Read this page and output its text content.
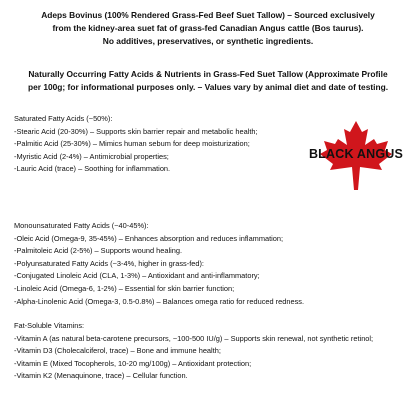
Adeps Bovinus (100% Rendered Grass-Fed Beef Suet Tallow) – Sourced exclusively
from the kidney-area suet fat of grass-fed Canadian Angus cattle (Bos taurus).
No additives, preservatives, or synthetic ingredients.
Naturally Occurring Fatty Acids & Nutrients in Grass-Fed Suet Tallow (Approximate Profile
per 100g; for informational purposes only. – Values vary by animal diet and date of testing.
BLACK ANGUS
Saturated Fatty Acids (~50%):
-Stearic Acid (20-30%) – Supports skin barrier repair and metabolic health;
-Palmitic Acid (25-30%) – Mimics human sebum for deep moisturization;
-Myristic Acid (2-4%) – Antimicrobial properties;
-Lauric Acid (trace) – Soothing for inflammation.
Monounsaturated Fatty Acids (~40-45%):
-Oleic Acid (Omega-9, 35-45%) – Enhances absorption and reduces inflammation;
-Palmitoleic Acid (2-5%) – Supports wound healing.
-Polyunsaturated Fatty Acids (~3-4%, higher in grass-fed):
-Conjugated Linoleic Acid (CLA, 1-3%) – Antioxidant and anti-inflammatory;
-Linoleic Acid (Omega-6, 1-2%) – Essential for skin barrier function;
-Alpha-Linolenic Acid (Omega-3, 0.5-0.8%) – Balances omega ratio for reduced redness.
Fat-Soluble Vitamins:
-Vitamin A (as natural beta-carotene precursors, ~100-500 IU/g) – Supports skin renewal, not synthetic retinol;
-Vitamin D3 (Cholecalciferol, trace) – Bone and immune health;
-Vitamin E (Mixed Tocopherols, 10-20 mg/100g) – Antioxidant protection;
-Vitamin K2 (Menaquinone, trace) – Cellular function.
